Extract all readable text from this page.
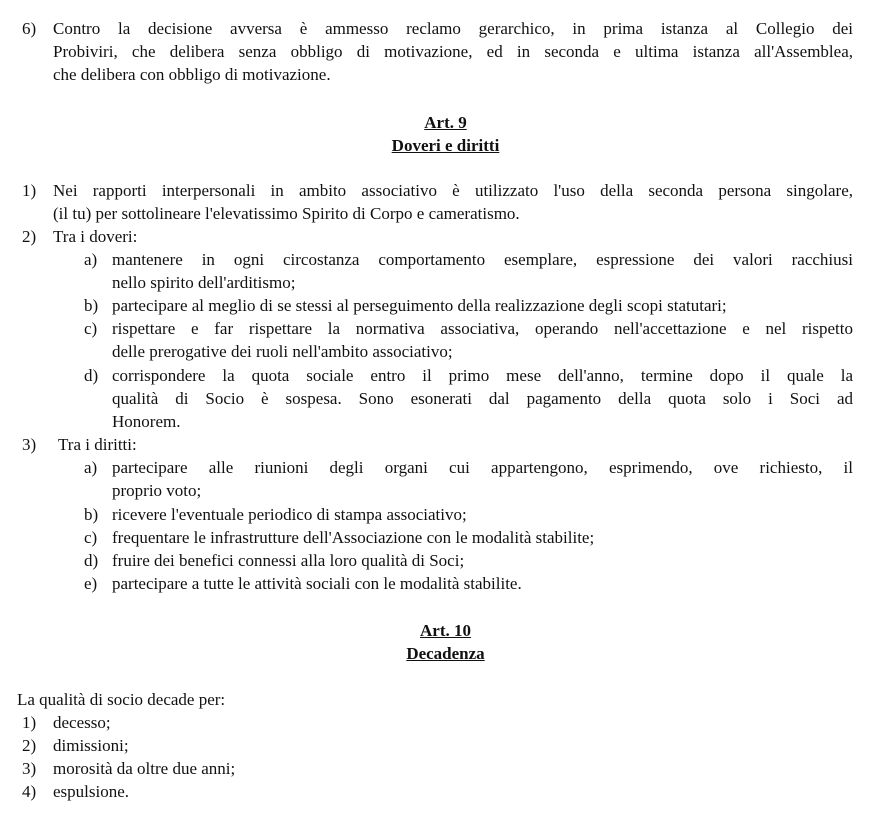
6) Contro la decisione avversa è ammesso reclamo gerarchico, in prima istanza al Collegio dei
Probiviri, che delibera senza obbligo di motivazione, ed in seconda e ultima istanza all'Assemblea,
che delibera con obbligo di motivazione.
Art. 9
Doveri e diritti
1) Nei rapporti interpersonali in ambito associativo è utilizzato l'uso della seconda persona singolare,
(il tu) per sottolineare l'elevatissimo Spirito di Corpo e cameratismo.
2) Tra i doveri:
a) mantenere in ogni circostanza comportamento esemplare, espressione dei valori racchiusi
nello spirito dell'arditismo;
b) partecipare al meglio di se stessi al perseguimento della realizzazione degli scopi statutari;
c) rispettare e far rispettare la normativa associativa, operando nell'accettazione e nel rispetto
delle prerogative dei ruoli nell'ambito associativo;
d) corrispondere la quota sociale entro il primo mese dell'anno, termine dopo il quale la
qualità di Socio è sospesa. Sono esonerati dal pagamento della quota solo i Soci ad
Honorem.
3) Tra i diritti:
a) partecipare alle riunioni degli organi cui appartengono, esprimendo, ove richiesto, il
proprio voto;
b) ricevere l'eventuale periodico di stampa associativo;
c) frequentare le infrastrutture dell'Associazione con le modalità stabilite;
d) fruire dei benefici connessi alla loro qualità di Soci;
e) partecipare a tutte le attività sociali con le modalità stabilite.
Art. 10
Decadenza
La qualità di socio decade per:
1) decesso;
2) dimissioni;
3) morosità da oltre due anni;
4) espulsione.
